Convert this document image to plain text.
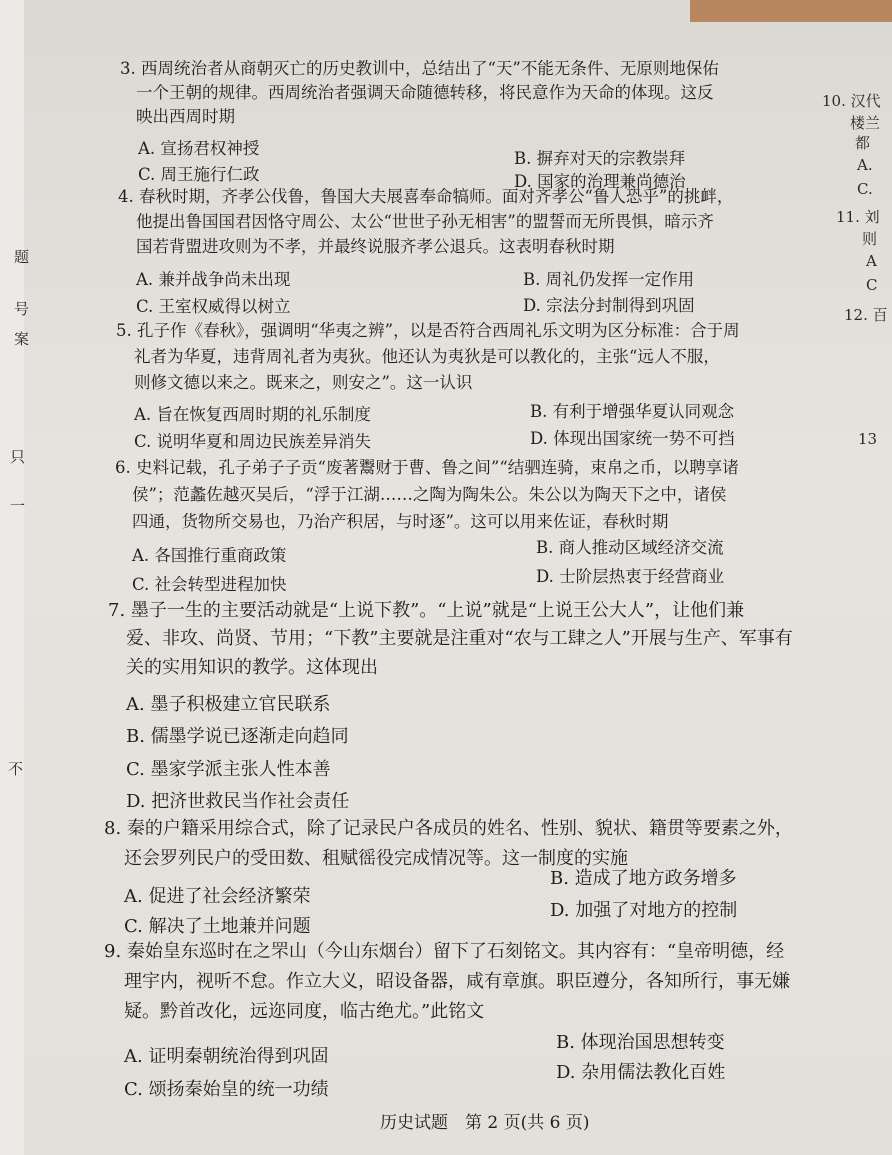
题
号
案
只
一
不
10. 汉代
楼兰
都
A.
C.
11. 刘
则
A
C
12. 百
13
3. 西周统治者从商朝灭亡的历史教训中，总结出了“天”不能无条件、无原则地保佑
一个王朝的规律。西周统治者强调天命随德转移，将民意作为天命的体现。这反
映出西周时期
A. 宣扬君权神授
B. 摒弃对天的宗教崇拜
C. 周王施行仁政	D. 国家的治理兼尚德治
4. 春秋时期，齐孝公伐鲁，鲁国大夫展喜奉命犒师。面对齐孝公“鲁人恐乎”的挑衅，
他提出鲁国国君因恪守周公、太公“世世子孙无相害”的盟誓而无所畏惧，暗示齐
国若背盟进攻则为不孝，并最终说服齐孝公退兵。这表明春秋时期
A. 兼并战争尚未出现	B. 周礼仍发挥一定作用
C. 王室权威得以树立	D. 宗法分封制得到巩固
5. 孔子作《春秋》，强调明“华夷之辨”，以是否符合西周礼乐文明为区分标准：合于周
礼者为华夏，违背周礼者为夷狄。他还认为夷狄是可以教化的，主张“远人不服，
则修文德以来之。既来之，则安之”。这一认识
A. 旨在恢复西周时期的礼乐制度	B. 有利于增强华夏认同观念
C. 说明华夏和周边民族差异消失	D. 体现出国家统一势不可挡
6. 史料记载，孔子弟子子贡“废著鬻财于曹、鲁之间”“结驷连骑，束帛之币，以聘享诸
侯”；范蠡佐越灭吴后，“浮于江湖……之陶为陶朱公。朱公以为陶天下之中，诸侯
四通，货物所交易也，乃治产积居，与时逐”。这可以用来佐证，春秋时期
A. 各国推行重商政策	B. 商人推动区域经济交流
C. 社会转型进程加快	D. 士阶层热衷于经营商业
7. 墨子一生的主要活动就是“上说下教”。“上说”就是“上说王公大人”，让他们兼
爱、非攻、尚贤、节用；“下教”主要就是注重对“农与工肆之人”开展与生产、军事有
关的实用知识的教学。这体现出
A. 墨子积极建立官民联系
B. 儒墨学说已逐渐走向趋同
C. 墨家学派主张人性本善
D. 把济世救民当作社会责任
8. 秦的户籍采用综合式，除了记录民户各成员的姓名、性别、貌状、籍贯等要素之外，
还会罗列民户的受田数、租赋徭役完成情况等。这一制度的实施
A. 促进了社会经济繁荣
B. 造成了地方政务增多
C. 解决了土地兼并问题
D. 加强了对地方的控制
9. 秦始皇东巡时在之罘山（今山东烟台）留下了石刻铭文。其内容有：“皇帝明德，经
理宇内，视听不怠。作立大义，昭设备器，咸有章旗。职臣遵分，各知所行，事无嫌
疑。黔首改化，远迩同度，临古绝尤。”此铭文
A. 证明秦朝统治得到巩固
B. 体现治国思想转变
C. 颂扬秦始皇的统一功绩
D. 杂用儒法教化百姓
历史试题　第 2 页(共 6 页)
